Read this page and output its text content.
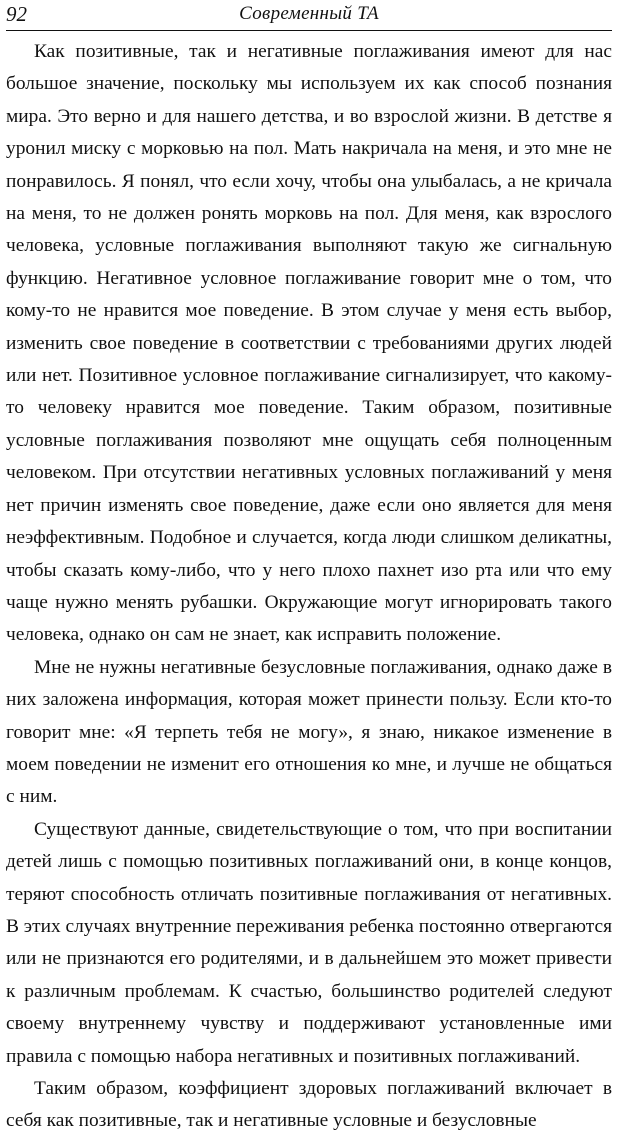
92	Современный ТА

Как позитивные, так и негативные поглаживания имеют для нас большое значение, поскольку мы используем их как способ познания мира. Это верно и для нашего детства, и во взрослой жизни. В детстве я уронил миску с морковью на пол. Мать накричала на меня, и это мне не понравилось. Я понял, что если хочу, чтобы она улыбалась, а не кричала на меня, то не должен ронять морковь на пол. Для меня, как взрослого человека, условные поглаживания выполняют такую же сигнальную функцию. Негативное условное поглаживание говорит мне о том, что кому-то не нравится мое поведение. В этом случае у меня есть выбор, изменить свое поведение в соответствии с требованиями других людей или нет. Позитивное условное поглаживание сигнализирует, что какому-то человеку нравится мое поведение. Таким образом, позитивные условные поглаживания позволяют мне ощущать себя полноценным человеком. При отсутствии негативных условных поглаживаний у меня нет причин изменять свое поведение, даже если оно является для меня неэффективным. Подобное и случается, когда люди слишком деликатны, чтобы сказать кому-либо, что у него плохо пахнет изо рта или что ему чаще нужно менять рубашки. Окружающие могут игнорировать такого человека, однако он сам не знает, как исправить положение.

Мне не нужны негативные безусловные поглаживания, однако даже в них заложена информация, которая может принести пользу. Если кто-то говорит мне: «Я терпеть тебя не могу», я знаю, никакое изменение в моем поведении не изменит его отношения ко мне, и лучше не общаться с ним.

Существуют данные, свидетельствующие о том, что при воспитании детей лишь с помощью позитивных поглаживаний они, в конце концов, теряют способность отличать позитивные поглаживания от негативных. В этих случаях внутренние переживания ребенка постоянно отвергаются или не признаются его родителями, и в дальнейшем это может привести к различным проблемам. К счастью, большинство родителей следуют своему внутреннему чувству и поддерживают установленные ими правила с помощью набора негативных и позитивных поглаживаний.

Таким образом, коэффициент здоровых поглаживаний включает в себя как позитивные, так и негативные условные и безусловные
